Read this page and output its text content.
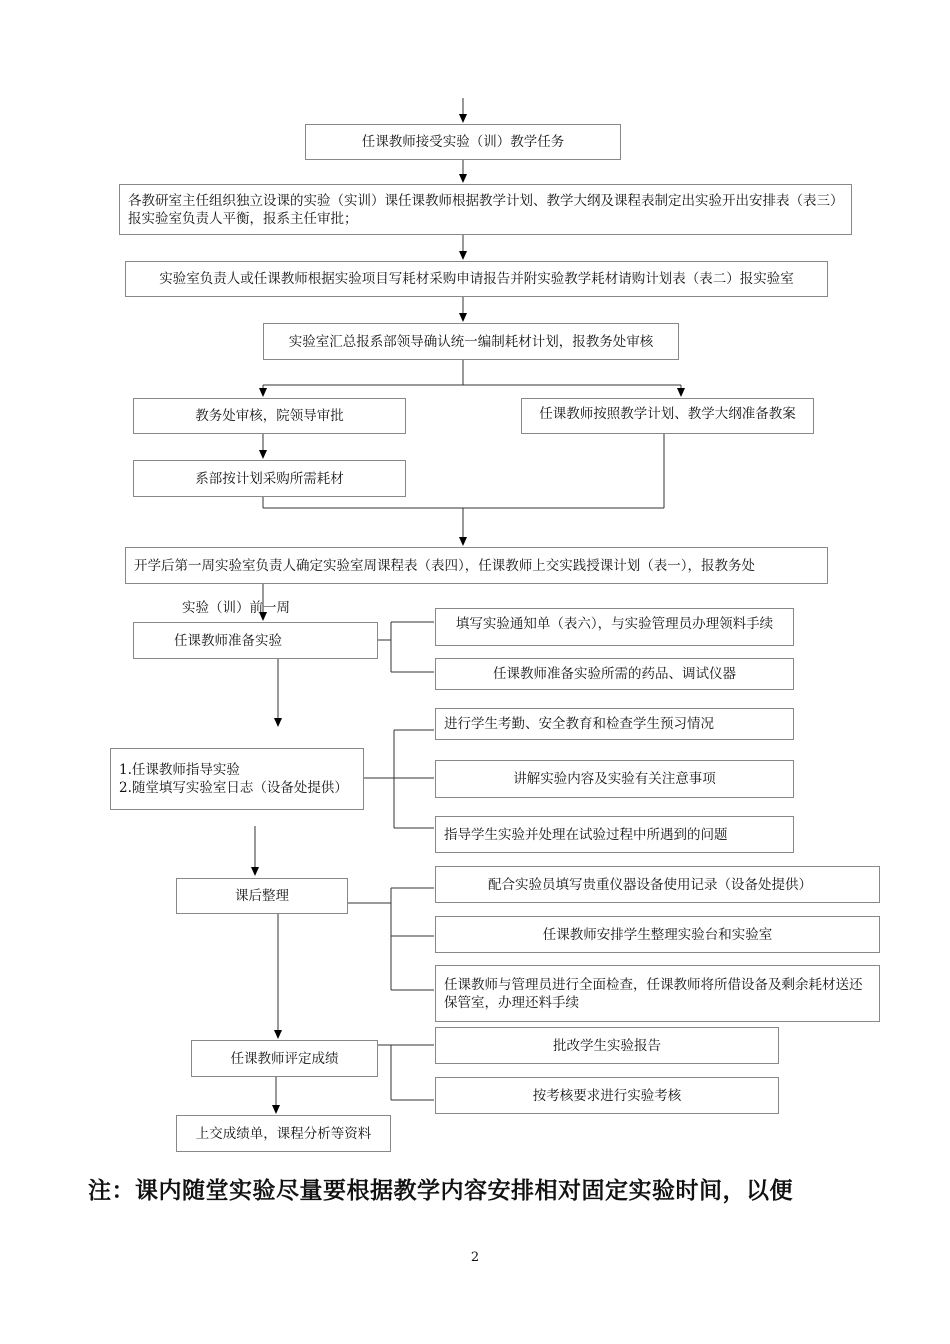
任课教师接受实验（训）教学任务
各教研室主任组织独立设课的实验（实训）课任课教师根据教学计划、教学大纲及课程表制定出实验开出安排表（表三）报实验室负责人平衡，报系主任审批；
实验室负责人或任课教师根据实验项目写耗材采购申请报告并附实验教学耗材请购计划表（表二）报实验室
实验室汇总报系部领导确认统一编制耗材计划，报教务处审核
教务处审核，院领导审批	任课教师按照教学计划、教学大纲准备教案
系部按计划采购所需耗材
开学后第一周实验室负责人确定实验室周课程表（表四），任课教师上交实践授课计划（表一），报教务处
实验（训）前一周
任课教师准备实验
填写实验通知单（表六），与实验管理员办理领料手续
任课教师准备实验所需的药品、调试仪器
1.任课教师指导实验
2.随堂填写实验室日志（设备处提供）
进行学生考勤、安全教育和检查学生预习情况
讲解实验内容及实验有关注意事项
指导学生实验并处理在试验过程中所遇到的问题
课后整理
配合实验员填写贵重仪器设备使用记录（设备处提供）
任课教师安排学生整理实验台和实验室
任课教师与管理员进行全面检查，任课教师将所借设备及剩余耗材送还保管室，办理还料手续
任课教师评定成绩
批改学生实验报告
按考核要求进行实验考核
上交成绩单，课程分析等资料
注：课内随堂实验尽量要根据教学内容安排相对固定实验时间，以便
2
